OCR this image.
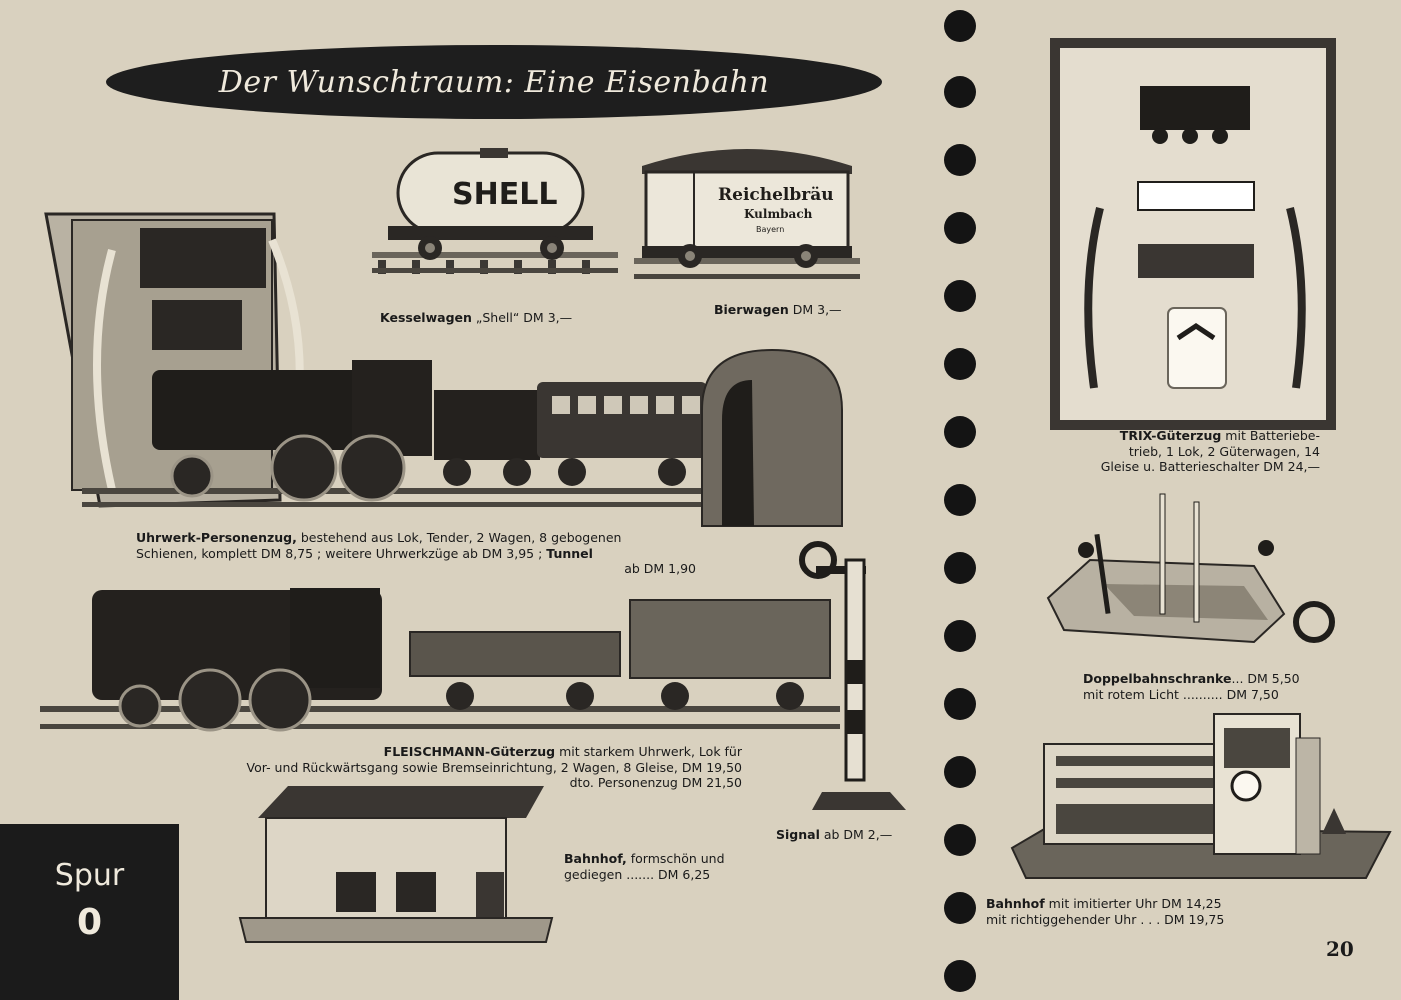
Der Wunschtraum: Eine Eisenbahn
SHELL	Reichelbräu
Kulmbach
Bayern
Kesselwagen „Shell“ DM 3,—
Bierwagen DM 3,—
Uhrwerk-Personenzug, bestehend aus Lok, Tender, 2 Wagen, 8 gebogenen
Schienen, komplett DM 8,75 ; weitere Uhrwerkzüge ab DM 3,95 ; Tunnel
ab DM 1,90
FLEISCHMANN-Güterzug mit starkem Uhrwerk, Lok für
Vor- und Rückwärtsgang sowie Bremseinrichtung, 2 Wagen, 8 Gleise, DM 19,50
dto. Personenzug DM 21,50
Signal ab DM 2,—
Bahnhof, formschön und
gediegen ....... DM 6,25
Spur
0
TRIX-Güterzug mit Batteriebe-
trieb, 1 Lok, 2 Güterwagen, 14
Gleise u. Batterieschalter DM 24,—
Doppelbahnschranke... DM 5,50
mit rotem Licht .......... DM 7,50
Bahnhof mit imitierter Uhr DM 14,25
mit richtiggehender Uhr . . . DM 19,75
20
